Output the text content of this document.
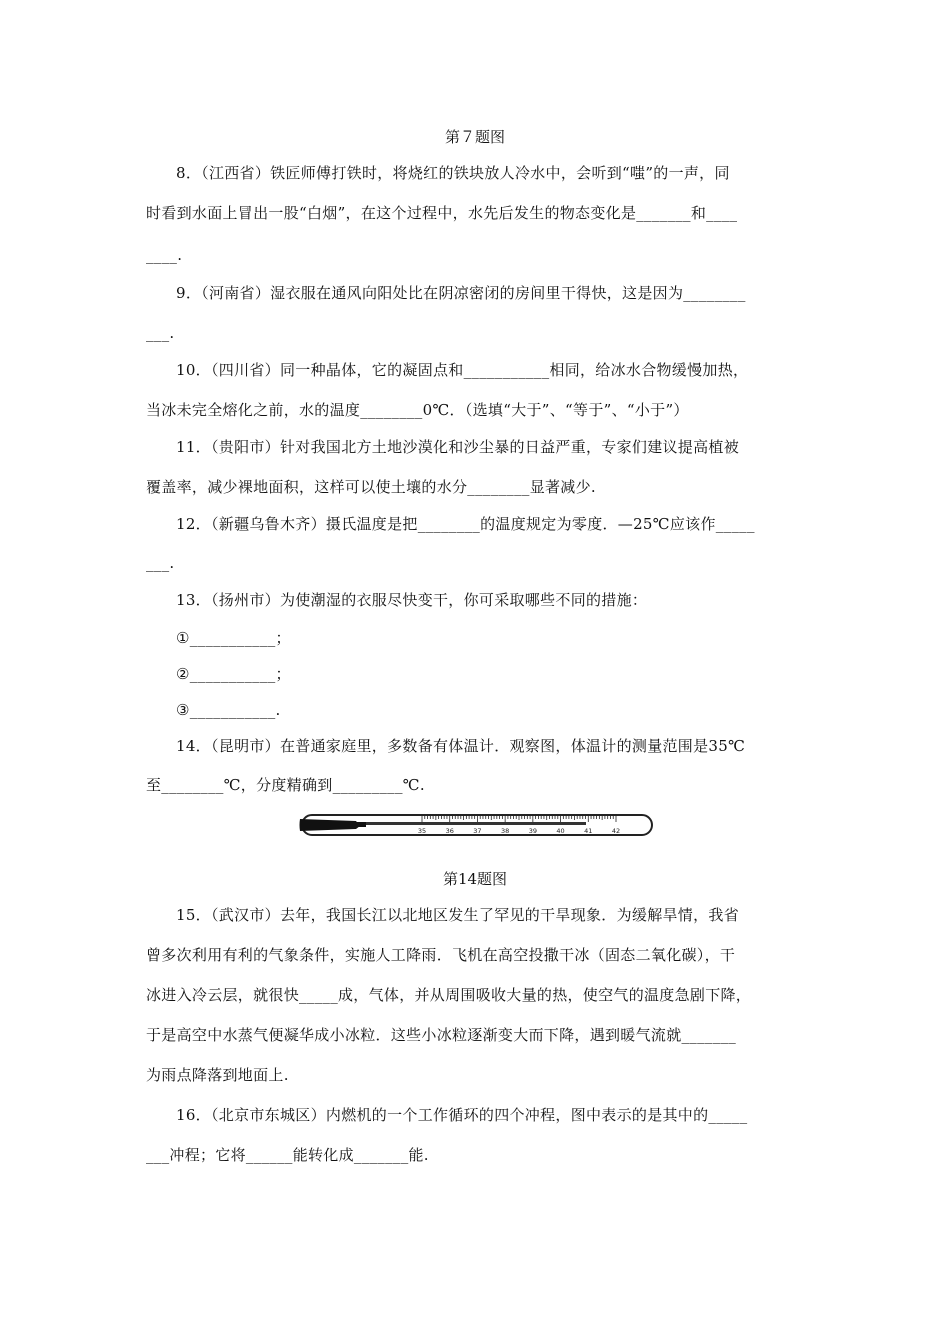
第７题图
8．（江西省）铁匠师傅打铁时，将烧红的铁块放人冷水中，会听到“嗤”的一声，同
时看到水面上冒出一股“白烟”，在这个过程中，水先后发生的物态变化是_______和____
____.
9．（河南省）湿衣服在通风向阳处比在阴凉密闭的房间里干得快，这是因为________
___.
10．（四川省）同一种晶体，它的凝固点和___________相同，给冰水合物缓慢加热，
当冰未完全熔化之前，水的温度________0℃．（选填“大于”、“等于”、“小于”）
11．（贵阳市）针对我国北方土地沙漠化和沙尘暴的日益严重，专家们建议提高植被
覆盖率，减少裸地面积，这样可以使土壤的水分________显著减少.
12．（新疆乌鲁木齐）摄氏温度是把________的温度规定为零度．—25℃应该作_____
___.
13．（扬州市）为使潮湿的衣服尽快变干，你可采取哪些不同的措施：
①___________；
②___________；
③___________.
14．（昆明市）在普通家庭里，多数备有体温计．观察图，体温计的测量范围是35℃
至________℃，分度精确到_________℃.
35	36	37	38	39	40	41	42
第14题图
15．（武汉市）去年，我国长江以北地区发生了罕见的干旱现象．为缓解旱情，我省
曾多次利用有利的气象条件，实施人工降雨．飞机在高空投撒干冰（固态二氧化碳），干
冰进入冷云层，就很快_____成，气体，并从周围吸收大量的热，使空气的温度急剧下降，
于是高空中水蒸气便凝华成小冰粒．这些小冰粒逐渐变大而下降，遇到暖气流就_______
为雨点降落到地面上.
16．（北京市东城区）内燃机的一个工作循环的四个冲程，图中表示的是其中的_____
___冲程；它将______能转化成_______能.
